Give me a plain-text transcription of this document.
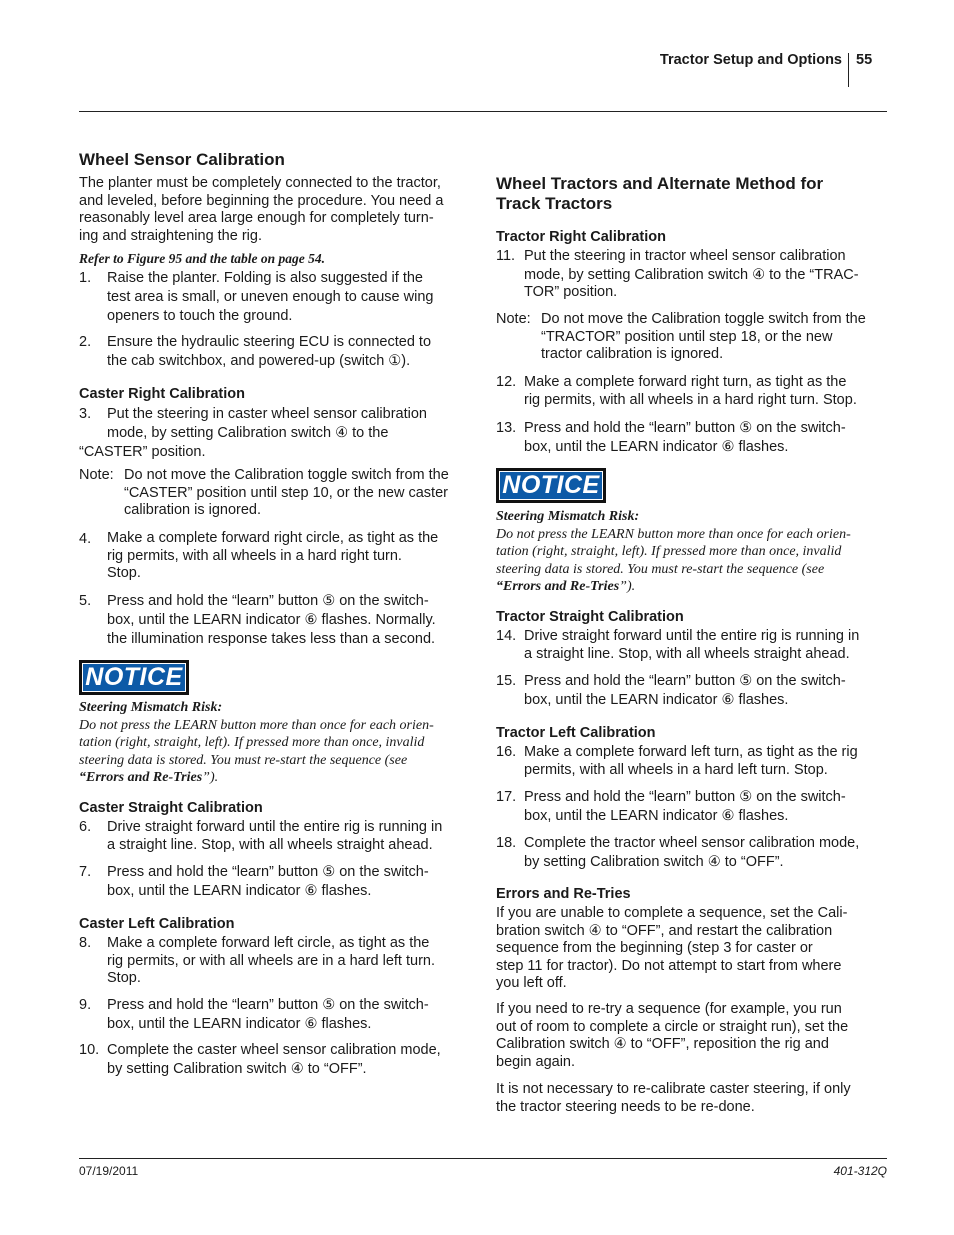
Tractor Setup and Options 55
Wheel Sensor Calibration
The planter must be completely connected to the tractor,
and leveled, before beginning the procedure. You need a
reasonably level area large enough for completely turn-
ing and straightening the rig.
Refer to Figure 95 and the table on page 54.
1.	Raise the planter. Folding is also suggested if the
test area is small, or uneven enough to cause wing
openers to touch the ground.
2.	Ensure the hydraulic steering ECU is connected to
the cab switchbox, and powered-up (switch ①).
Caster Right Calibration
3.	Put the steering in caster wheel sensor calibration
mode, by setting Calibration switch ④ to the
“CASTER” position.
Note: Do not move the Calibration toggle switch from the
“CASTER” position until step 10, or the new caster
calibration is ignored.
4.	Make a complete forward right circle, as tight as the
rig permits, with all wheels in a hard right turn.
Stop.
5.	Press and hold the “learn” button ⑤ on the switch-
box, until the LEARN indicator ⑥ flashes. Normally.
the illumination response takes less than a second.
NOTICE
Steering Mismatch Risk:
Do not press the LEARN button more than once for each orien-
tation (right, straight, left). If pressed more than once, invalid
steering data is stored. You must re-start the sequence (see
“Errors and Re-Tries”).
Caster Straight Calibration
6.	Drive straight forward until the entire rig is running in
a straight line. Stop, with all wheels straight ahead.
7.	Press and hold the “learn” button ⑤ on the switch-
box, until the LEARN indicator ⑥ flashes.
Caster Left Calibration
8.	Make a complete forward left circle, as tight as the
rig permits, or with all wheels are in a hard left turn.
Stop.
9.	Press and hold the “learn” button ⑤ on the switch-
box, until the LEARN indicator ⑥ flashes.
10. Complete the caster wheel sensor calibration mode,
by setting Calibration switch ④ to “OFF”.
Wheel Tractors and Alternate Method for
Track Tractors
Tractor Right Calibration
11. Put the steering in tractor wheel sensor calibration
mode, by setting Calibration switch ④ to the “TRAC-
TOR” position.
Note: Do not move the Calibration toggle switch from the
“TRACTOR” position until step 18, or the new
tractor calibration is ignored.
12. Make a complete forward right turn, as tight as the
rig permits, with all wheels in a hard right turn. Stop.
13. Press and hold the “learn” button ⑤ on the switch-
box, until the LEARN indicator ⑥ flashes.
NOTICE
Steering Mismatch Risk:
Do not press the LEARN button more than once for each orien-
tation (right, straight, left). If pressed more than once, invalid
steering data is stored. You must re-start the sequence (see
“Errors and Re-Tries”).
Tractor Straight Calibration
14. Drive straight forward until the entire rig is running in
a straight line. Stop, with all wheels straight ahead.
15. Press and hold the “learn” button ⑤ on the switch-
box, until the LEARN indicator ⑥ flashes.
Tractor Left Calibration
16. Make a complete forward left turn, as tight as the rig
permits, with all wheels in a hard left turn. Stop.
17. Press and hold the “learn” button ⑤ on the switch-
box, until the LEARN indicator ⑥ flashes.
18. Complete the tractor wheel sensor calibration mode,
by setting Calibration switch ④ to “OFF”.
Errors and Re-Tries
If you are unable to complete a sequence, set the Cali-
bration switch ④ to “OFF”, and restart the calibration
sequence from the beginning (step 3 for caster or
step 11 for tractor). Do not attempt to start from where
you left off.
If you need to re-try a sequence (for example, you run
out of room to complete a circle or straight run), set the
Calibration switch ④ to “OFF”, reposition the rig and
begin again.
It is not necessary to re-calibrate caster steering, if only
the tractor steering needs to be re-done.
07/19/2011	401-312Q
